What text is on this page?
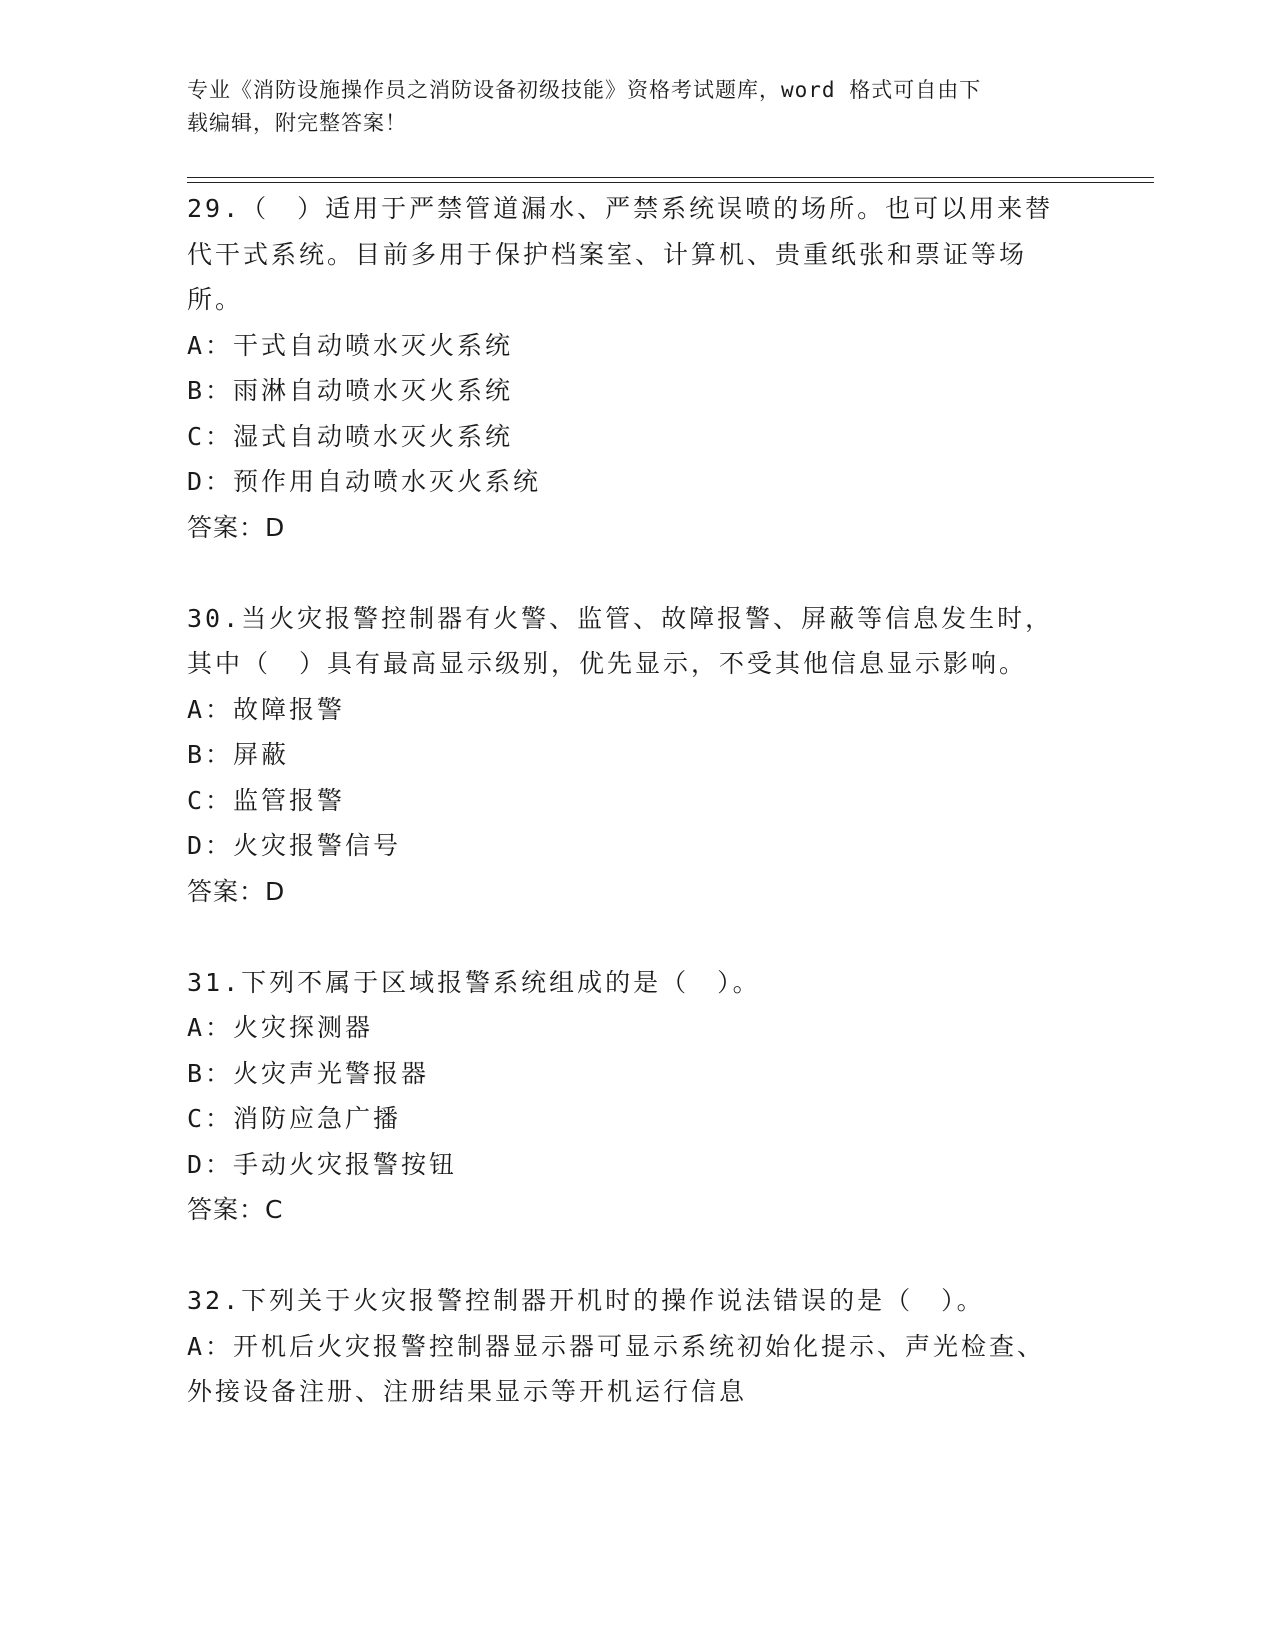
专业《消防设施操作员之消防设备初级技能》资格考试题库，word 格式可自由下
载编辑，附完整答案！
29.（　）适用于严禁管道漏水、严禁系统误喷的场所。也可以用来替
代干式系统。目前多用于保护档案室、计算机、贵重纸张和票证等场
所。
A：干式自动喷水灭火系统
B：雨淋自动喷水灭火系统
C：湿式自动喷水灭火系统
D：预作用自动喷水灭火系统
答案：D
30.当火灾报警控制器有火警、监管、故障报警、屏蔽等信息发生时，
其中（　）具有最高显示级别，优先显示，不受其他信息显示影响。
A：故障报警
B：屏蔽
C：监管报警
D：火灾报警信号
答案：D
31.下列不属于区域报警系统组成的是（　）。
A：火灾探测器
B：火灾声光警报器
C：消防应急广播
D：手动火灾报警按钮
答案：C
32.下列关于火灾报警控制器开机时的操作说法错误的是（　）。
A：开机后火灾报警控制器显示器可显示系统初始化提示、声光检查、
外接设备注册、注册结果显示等开机运行信息
